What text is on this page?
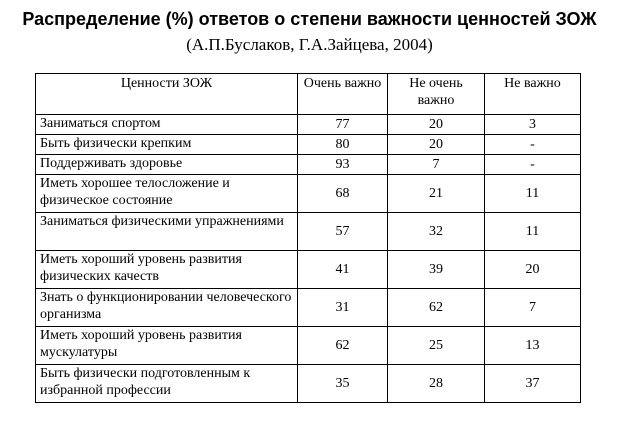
Распределение (%) ответов о степени важности ценностей ЗОЖ
(А.П.Буслаков, Г.А.Зайцева, 2004)
Ценности ЗОЖ	Очень важно	Не очень важно	Не важно
Заниматься спортом	77	20	3
Быть физически крепким	80	20	-
Поддерживать здоровье	93	7	-
Иметь хорошее телосложение и физическое состояние	68	21	11
Заниматься физическими упражнениями	57	32	11
Иметь хороший уровень развития физических качеств	41	39	20
Знать о функционировании человеческого организма	31	62	7
Иметь хороший уровень развития мускулатуры	62	25	13
Быть физически подготовленным к избранной профессии	35	28	37
